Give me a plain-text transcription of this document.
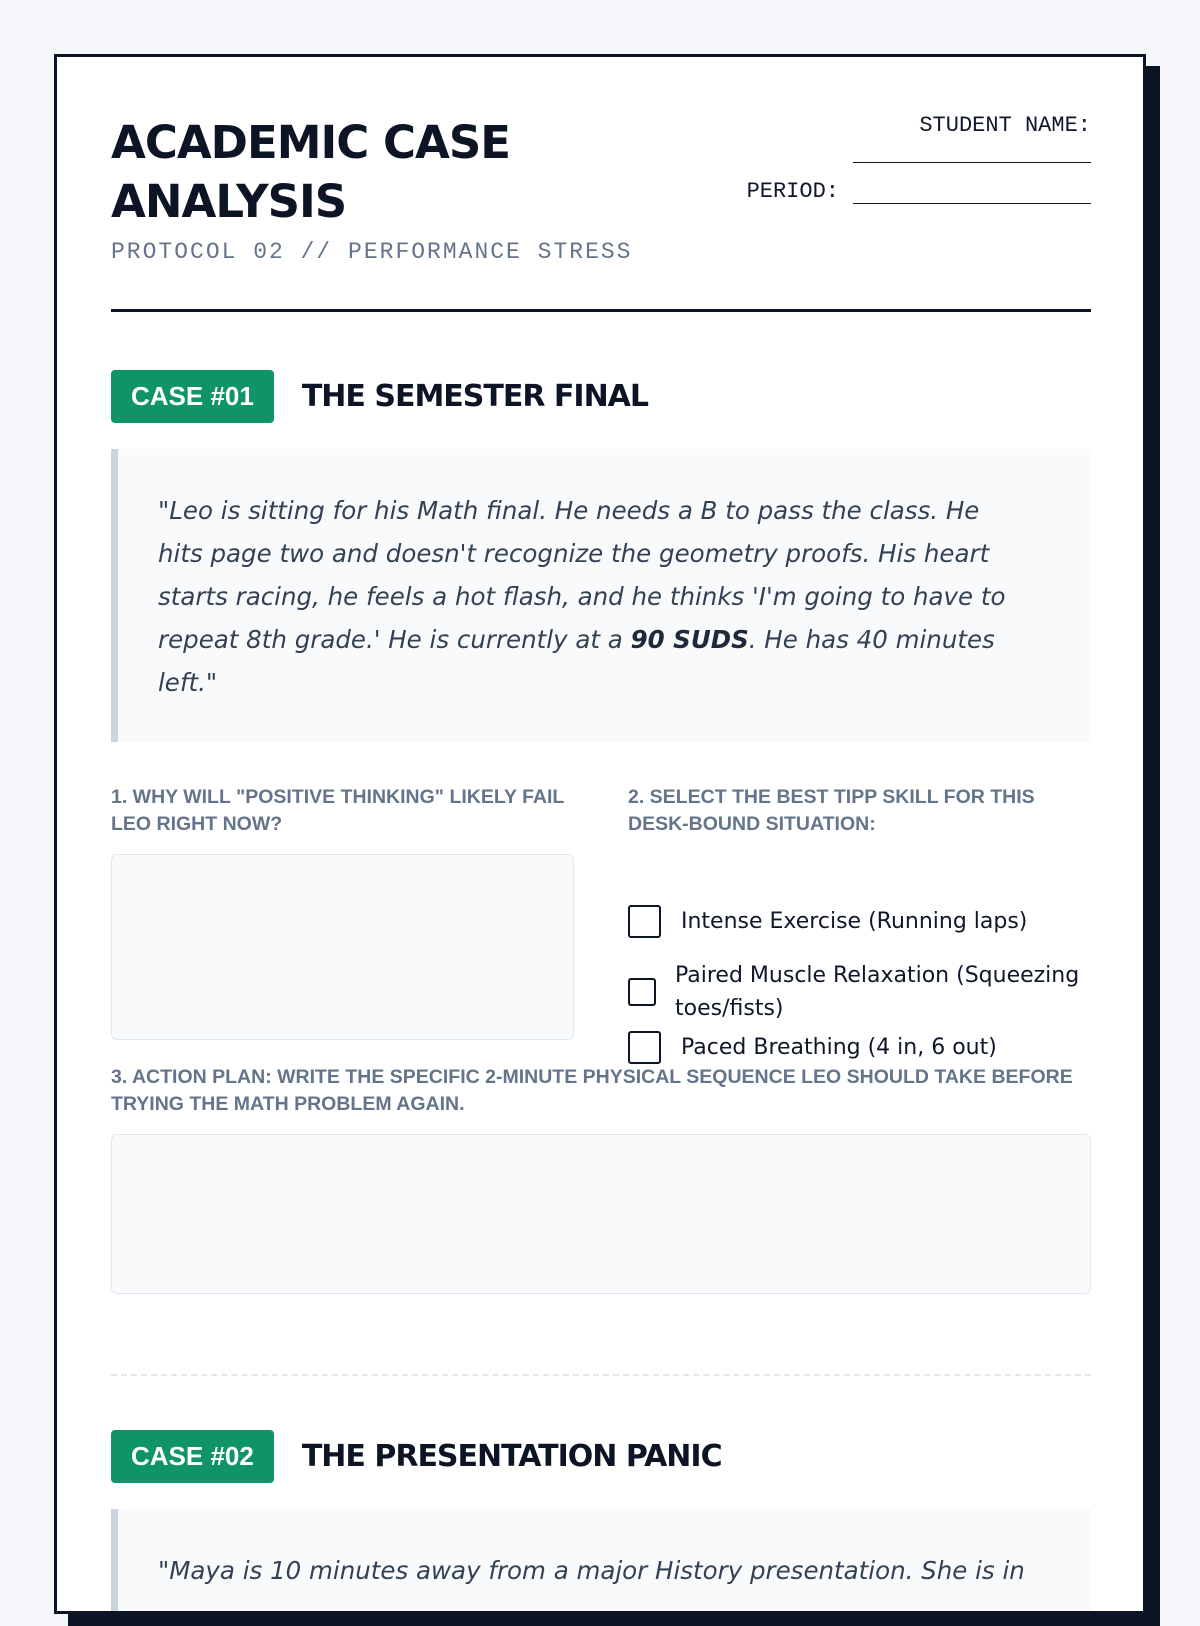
ACADEMIC CASE ANALYSIS
PROTOCOL 02 // PERFORMANCE STRESS
STUDENT NAME:
PERIOD:
CASE #01	THE SEMESTER FINAL
"Leo is sitting for his Math final. He needs a B to pass the class. He hits page two and doesn't recognize the geometry proofs. His heart starts racing, he feels a hot flash, and he thinks 'I'm going to have to repeat 8th grade.' He is currently at a 90 SUDS. He has 40 minutes left."
1. WHY WILL "POSITIVE THINKING" LIKELY FAIL LEO RIGHT NOW?
2. SELECT THE BEST TIPP SKILL FOR THIS DESK-BOUND SITUATION:
Intense Exercise (Running laps)
Paired Muscle Relaxation (Squeezing toes/fists)
Paced Breathing (4 in, 6 out)
3. ACTION PLAN: WRITE THE SPECIFIC 2-MINUTE PHYSICAL SEQUENCE LEO SHOULD TAKE BEFORE TRYING THE MATH PROBLEM AGAIN.
CASE #02	THE PRESENTATION PANIC
"Maya is 10 minutes away from a major History presentation. She is in
